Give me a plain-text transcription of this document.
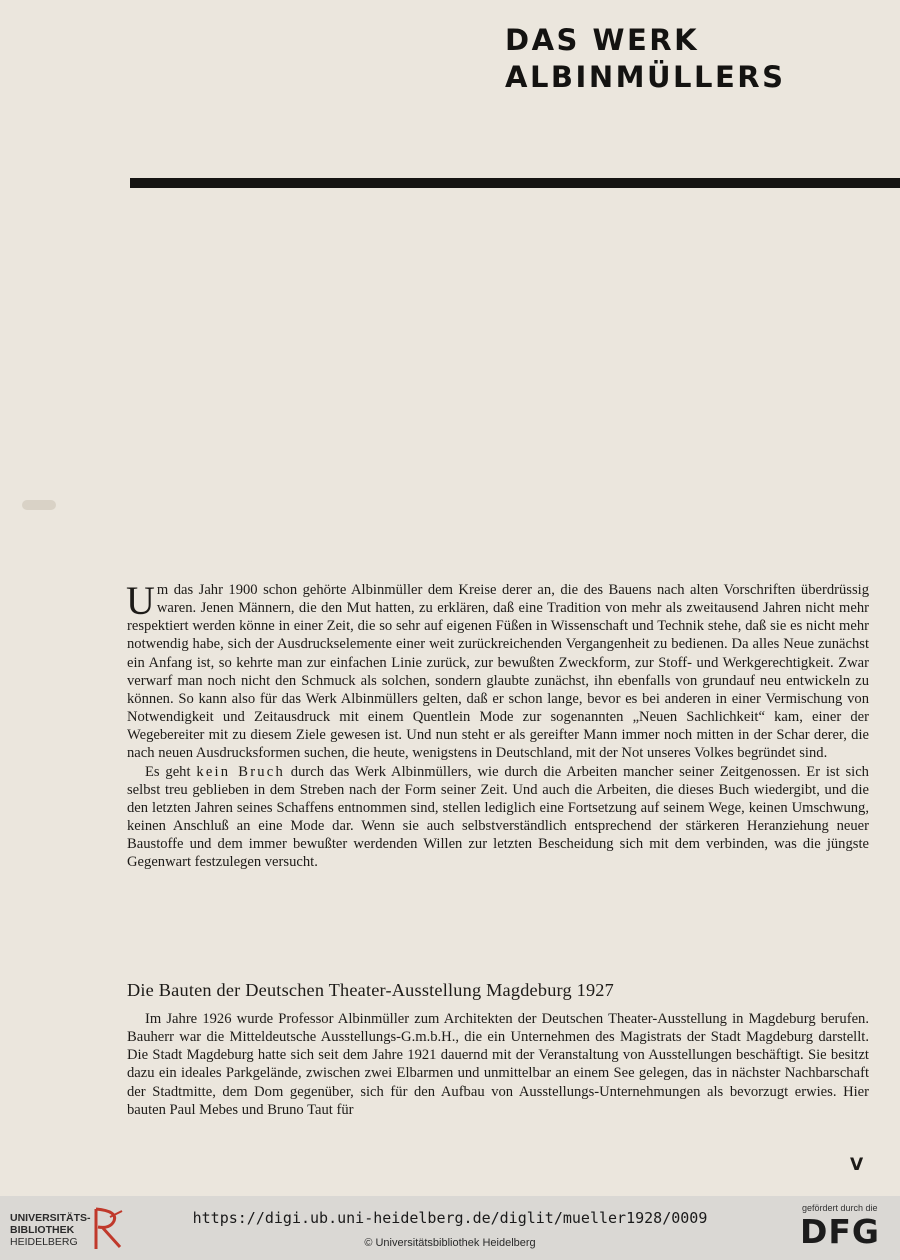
DAS WERK
ALBINMÜLLERS

Um das Jahr 1900 schon gehörte Albinmüller dem Kreise derer an, die des Bauens nach alten Vorschriften überdrüssig waren. Jenen Männern, die den Mut hatten, zu erklären, daß eine Tradition von mehr als zweitausend Jahren nicht mehr respektiert werden könne in einer Zeit, die so sehr auf eigenen Füßen in Wissenschaft und Technik stehe, daß sie es nicht mehr notwendig habe, sich der Ausdruckselemente einer weit zurückreichenden Vergangenheit zu bedienen. Da alles Neue zunächst ein Anfang ist, so kehrte man zur einfachen Linie zurück, zur bewußten Zweckform, zur Stoff- und Werkgerechtigkeit. Zwar verwarf man noch nicht den Schmuck als solchen, sondern glaubte zunächst, ihn ebenfalls von grundauf neu entwickeln zu können. So kann also für das Werk Albinmüllers gelten, daß er schon lange, bevor es bei anderen in einer Vermischung von Notwendigkeit und Zeitausdruck mit einem Quentlein Mode zur sogenannten „Neuen Sachlichkeit“ kam, einer der Wegebereiter mit zu diesem Ziele gewesen ist. Und nun steht er als gereifter Mann immer noch mitten in der Schar derer, die nach neuen Ausdrucksformen suchen, die heute, wenigstens in Deutschland, mit der Not unseres Volkes begründet sind.

Es geht kein Bruch durch das Werk Albinmüllers, wie durch die Arbeiten mancher seiner Zeitgenossen. Er ist sich selbst treu geblieben in dem Streben nach der Form seiner Zeit. Und auch die Arbeiten, die dieses Buch wiedergibt, und die den letzten Jahren seines Schaffens entnommen sind, stellen lediglich eine Fortsetzung auf seinem Wege, keinen Umschwung, keinen Anschluß an eine Mode dar. Wenn sie auch selbstverständlich entsprechend der stärkeren Heranziehung neuer Baustoffe und dem immer bewußter werdenden Willen zur letzten Bescheidung sich mit dem verbinden, was die jüngste Gegenwart festzulegen versucht.

Die Bauten der Deutschen Theater-Ausstellung Magdeburg 1927

Im Jahre 1926 wurde Professor Albinmüller zum Architekten der Deutschen Theater-Ausstellung in Magdeburg berufen. Bauherr war die Mitteldeutsche Ausstellungs-G.m.b.H., die ein Unternehmen des Magistrats der Stadt Magdeburg darstellt. Die Stadt Magdeburg hatte sich seit dem Jahre 1921 dauernd mit der Veranstaltung von Ausstellungen beschäftigt. Sie besitzt dazu ein ideales Parkgelände, zwischen zwei Elbarmen und unmittelbar an einem See gelegen, das in nächster Nachbarschaft der Stadtmitte, dem Dom gegenüber, sich für den Aufbau von Ausstellungs-Unternehmungen als bevorzugt erwies. Hier bauten Paul Mebes und Bruno Taut für

V
UNIVERSITÄTS-
BIBLIOTHEK
HEIDELBERG
https://digi.ub.uni-heidelberg.de/diglit/mueller1928/0009
© Universitätsbibliothek Heidelberg
gefördert durch die
DFG
